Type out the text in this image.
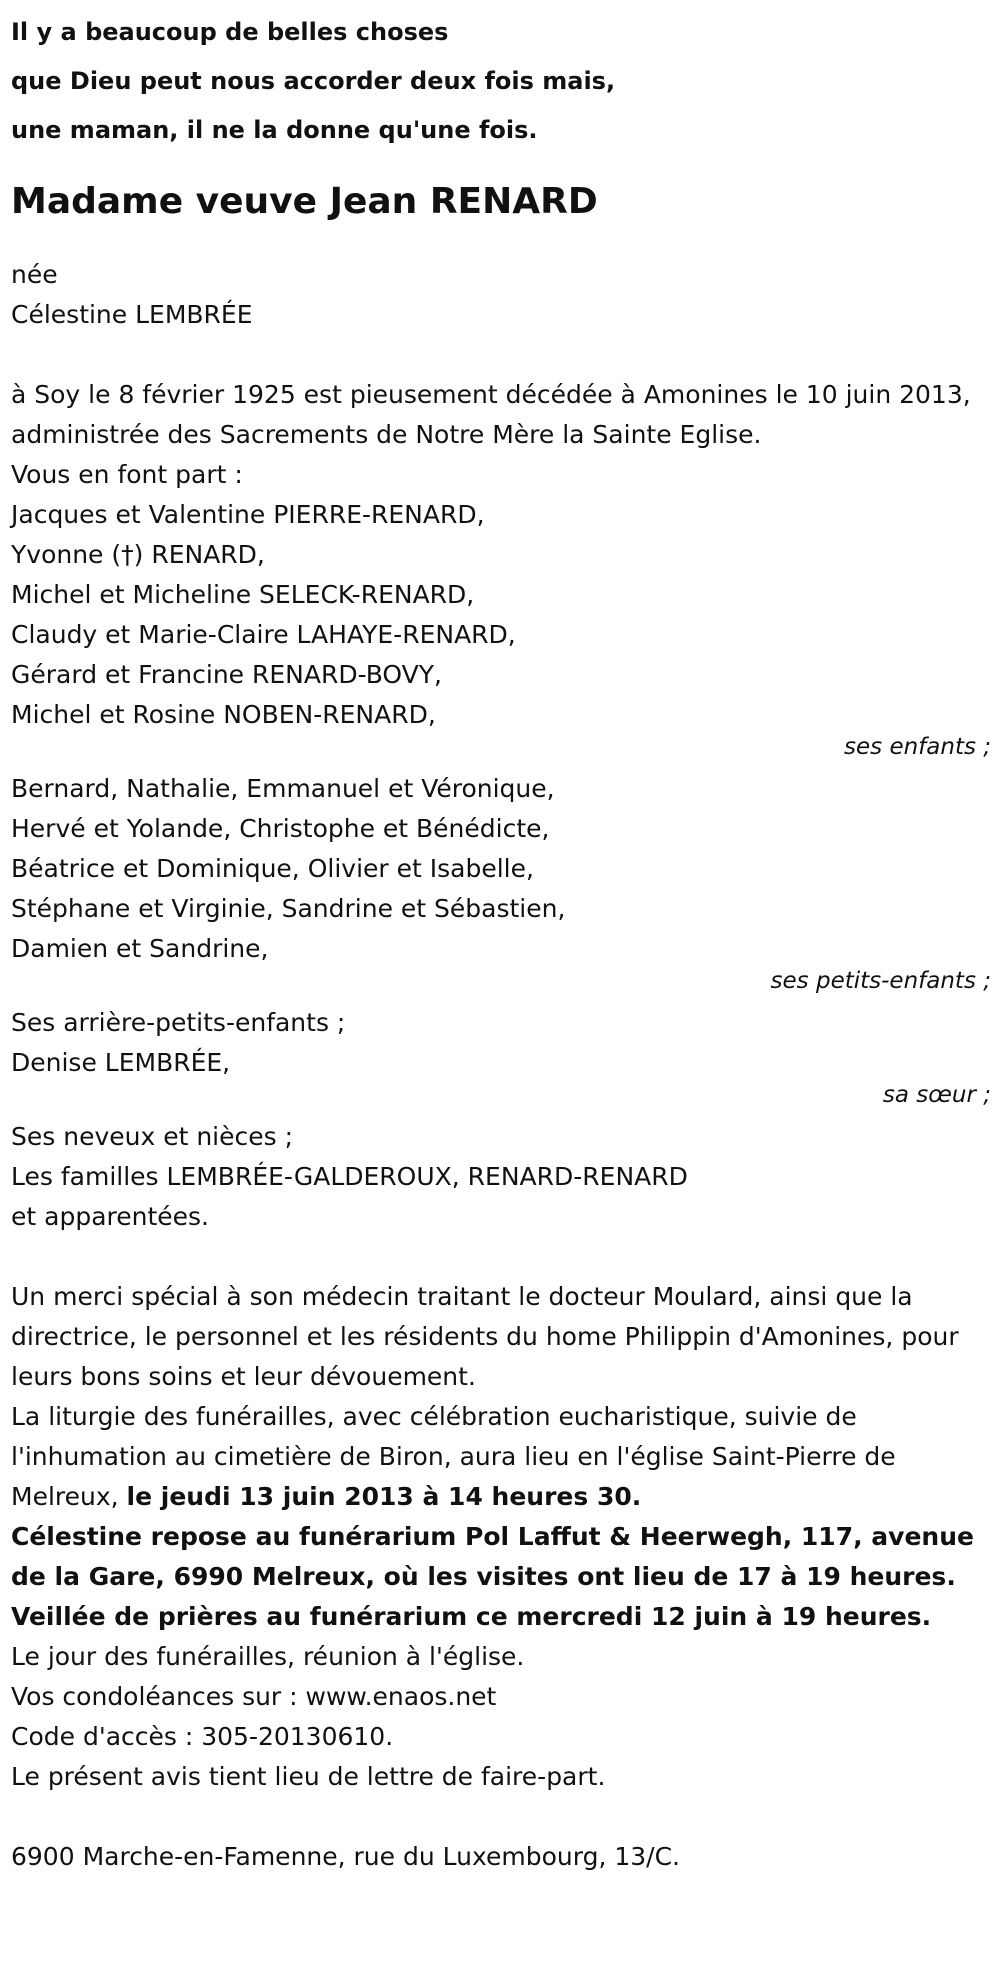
Il y a beaucoup de belles choses

que Dieu peut nous accorder deux fois mais,

une maman, il ne la donne qu'une fois.

Madame veuve Jean RENARD

née

Célestine LEMBRÉE

à Soy le 8 février 1925 est pieusement décédée à Amonines le 10 juin 2013, administrée des Sacrements de Notre Mère la Sainte Eglise.

Vous en font part :

Jacques et Valentine PIERRE-RENARD,

Yvonne (†) RENARD,

Michel et Micheline SELECK-RENARD,

Claudy et Marie-Claire LAHAYE-RENARD,

Gérard et Francine RENARD-BOVY,

Michel et Rosine NOBEN-RENARD,

ses enfants ;

Bernard, Nathalie, Emmanuel et Véronique,

Hervé et Yolande, Christophe et Bénédicte,

Béatrice et Dominique, Olivier et Isabelle,

Stéphane et Virginie, Sandrine et Sébastien,

Damien et Sandrine,

ses petits-enfants ;

Ses arrière-petits-enfants ;

Denise LEMBRÉE,

sa sœur ;

Ses neveux et nièces ;

Les familles LEMBRÉE-GALDEROUX, RENARD-RENARD

et apparentées.

Un merci spécial à son médecin traitant le docteur Moulard, ainsi que la directrice, le personnel et les résidents du home Philippin d'Amonines, pour leurs bons soins et leur dévouement.

La liturgie des funérailles, avec célébration eucharistique, suivie de l'inhumation au cimetière de Biron, aura lieu en l'église Saint-Pierre de Melreux, le jeudi 13 juin 2013 à 14 heures 30.

Célestine repose au funérarium Pol Laffut & Heerwegh, 117, avenue de la Gare, 6990 Melreux, où les visites ont lieu de 17 à 19 heures.

Veillée de prières au funérarium ce mercredi 12 juin à 19 heures.

Le jour des funérailles, réunion à l'église.

Vos condoléances sur : www.enaos.net

Code d'accès : 305-20130610.

Le présent avis tient lieu de lettre de faire-part.

6900 Marche-en-Famenne, rue du Luxembourg, 13/C.
